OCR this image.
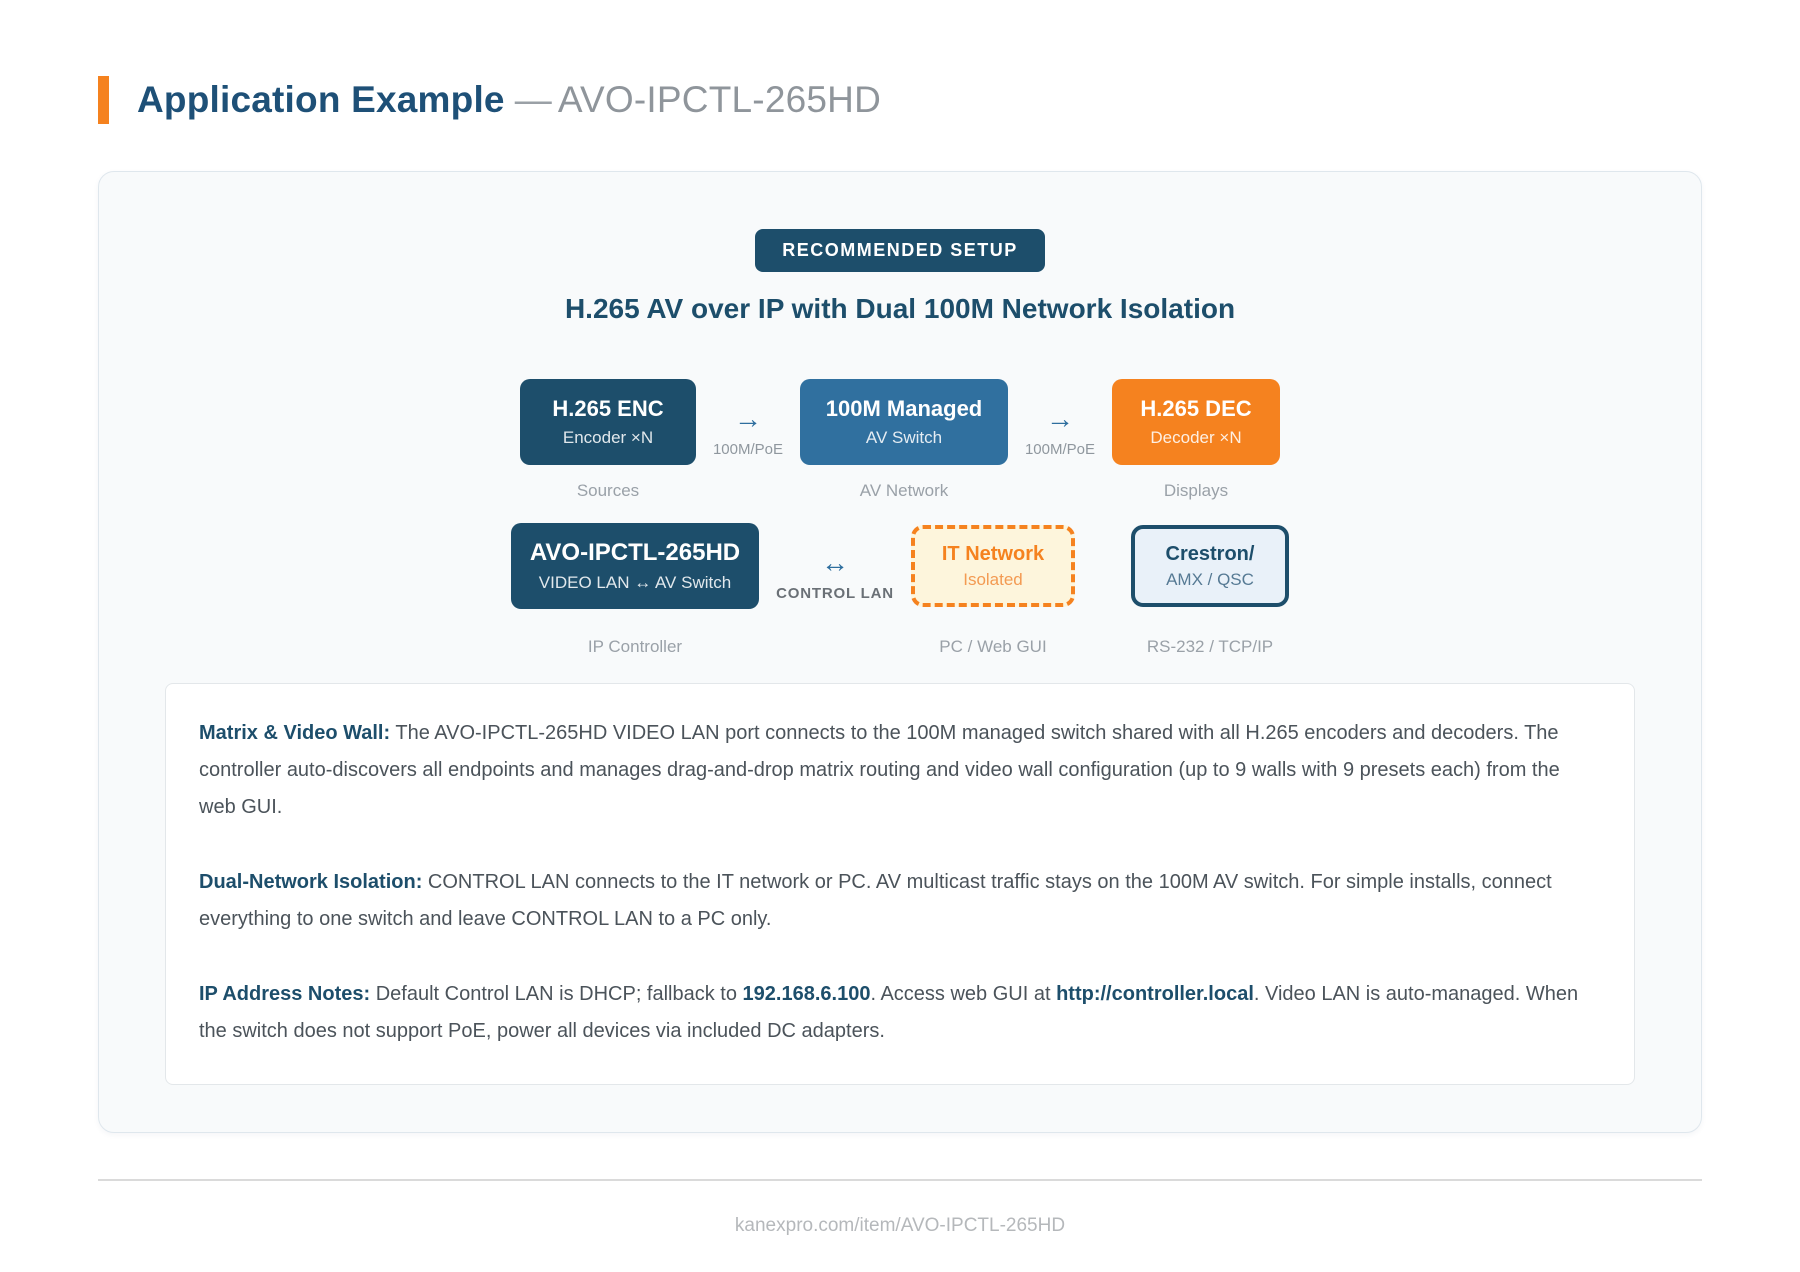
Application Example — AVO-IPCTL-265HD
RECOMMENDED SETUP
H.265 AV over IP with Dual 100M Network Isolation
H.265 ENC
Encoder ×N
→
100M/PoE
100M Managed
AV Switch
→
100M/PoE
H.265 DEC
Decoder ×N
Sources	AV Network	Displays
AVO-IPCTL-265HD
VIDEO LAN ↔ AV Switch
↔
CONTROL LAN
IT Network
Isolated
Crestron/
AMX / QSC
IP Controller	PC / Web GUI	RS-232 / TCP/IP

Matrix & Video Wall: The AVO-IPCTL-265HD VIDEO LAN port connects to the 100M managed switch shared with all H.265 encoders and decoders. The controller auto-discovers all endpoints and manages drag-and-drop matrix routing and video wall configuration (up to 9 walls with 9 presets each) from the web GUI.

Dual-Network Isolation: CONTROL LAN connects to the IT network or PC. AV multicast traffic stays on the 100M AV switch. For simple installs, connect everything to one switch and leave CONTROL LAN to a PC only.

IP Address Notes: Default Control LAN is DHCP; fallback to 192.168.6.100. Access web GUI at http://controller.local. Video LAN is auto-managed. When the switch does not support PoE, power all devices via included DC adapters.

kanexpro.com/item/AVO-IPCTL-265HD
